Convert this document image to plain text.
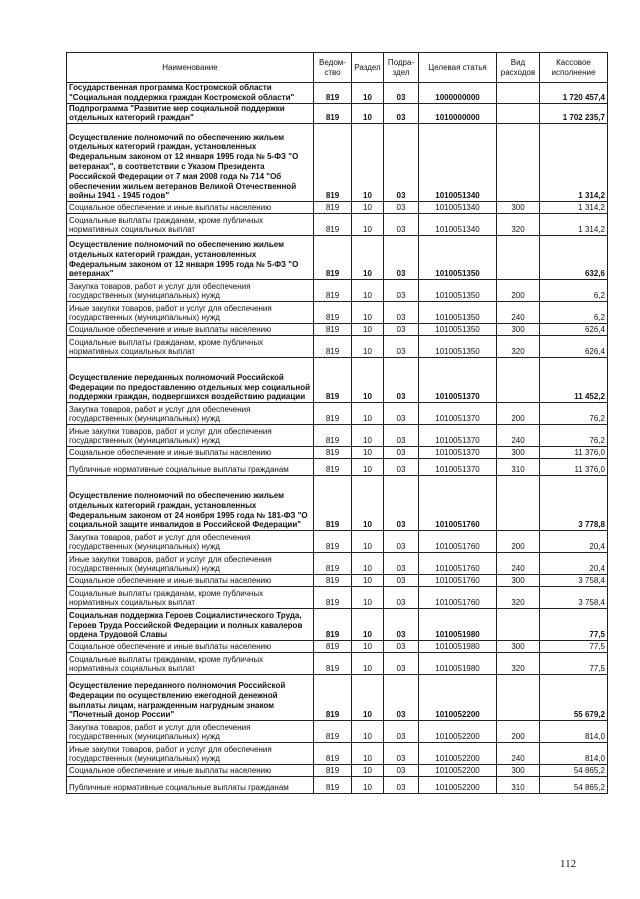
Наименование	Ведом-ство	Раздел	Подра-здел	Целевая статья	Вид расходов	Кассовое исполнение
Государственная программа Костромской области "Социальная поддержка граждан Костромской области"	819	10	03	1000000000		1 720 457,4
Подпрограмма "Развитие мер социальной поддержки отдельных категорий граждан"	819	10	03	1010000000		1 702 235,7
Осуществление полномочий по обеспечению жильем отдельных категорий граждан, установленных Федеральным законом от 12 января 1995 года № 5-ФЗ "О ветеранах", в соответствии с Указом Президента Российской Федерации от 7 мая 2008 года № 714 "Об обеспечении жильем ветеранов Великой Отечественной войны 1941 - 1945 годов"	819	10	03	1010051340		1 314,2
Социальное обеспечение и иные выплаты населению	819	10	03	1010051340	300	1 314,2
Социальные выплаты гражданам, кроме публичных нормативных социальных выплат	819	10	03	1010051340	320	1 314,2
Осуществление полномочий по обеспечению жильем отдельных категорий граждан, установленных Федеральным законом от 12 января 1995 года № 5-ФЗ "О ветеранах"	819	10	03	1010051350		632,6
Закупка товаров, работ и услуг для обеспечения государственных (муниципальных) нужд	819	10	03	1010051350	200	6,2
Иные закупки товаров, работ и услуг для обеспечения государственных (муниципальных) нужд	819	10	03	1010051350	240	6,2
Социальное обеспечение и иные выплаты населению	819	10	03	1010051350	300	626,4
Социальные выплаты гражданам, кроме публичных нормативных социальных выплат	819	10	03	1010051350	320	626,4
Осуществление переданных полномочий Российской Федерации по предоставлению отдельных мер социальной поддержки граждан, подвергшихся воздействию радиации	819	10	03	1010051370		11 452,2
Закупка товаров, работ и услуг для обеспечения государственных (муниципальных) нужд	819	10	03	1010051370	200	76,2
Иные закупки товаров, работ и услуг для обеспечения государственных (муниципальных) нужд	819	10	03	1010051370	240	76,2
Социальное обеспечение и иные выплаты населению	819	10	03	1010051370	300	11 376,0
Публичные нормативные социальные выплаты гражданам	819	10	03	1010051370	310	11 376,0
Осуществление полномочий по обеспечению жильем отдельных категорий граждан, установленных Федеральным законом от 24 ноября 1995 года № 181-ФЗ "О социальной защите инвалидов в Российской Федерации"	819	10	03	1010051760		3 778,8
Закупка товаров, работ и услуг для обеспечения государственных (муниципальных) нужд	819	10	03	1010051760	200	20,4
Иные закупки товаров, работ и услуг для обеспечения государственных (муниципальных) нужд	819	10	03	1010051760	240	20,4
Социальное обеспечение и иные выплаты населению	819	10	03	1010051760	300	3 758,4
Социальные выплаты гражданам, кроме публичных нормативных социальных выплат	819	10	03	1010051760	320	3 758,4
Социальная поддержка Героев Социалистического Труда, Героев Труда Российской Федерации и полных кавалеров ордена Трудовой Славы	819	10	03	1010051980		77,5
Социальное обеспечение и иные выплаты населению	819	10	03	1010051980	300	77,5
Социальные выплаты гражданам, кроме публичных нормативных социальных выплат	819	10	03	1010051980	320	77,5
Осуществление переданного полномочия Российской Федерации по осуществлению ежегодной денежной выплаты лицам, награжденным нагрудным знаком "Почетный донор России"	819	10	03	1010052200		55 679,2
Закупка товаров, работ и услуг для обеспечения государственных (муниципальных) нужд	819	10	03	1010052200	200	814,0
Иные закупки товаров, работ и услуг для обеспечения государственных (муниципальных) нужд	819	10	03	1010052200	240	814,0
Социальное обеспечение и иные выплаты населению	819	10	03	1010052200	300	54 865,2
Публичные нормативные социальные выплаты гражданам	819	10	03	1010052200	310	54 865,2
112
